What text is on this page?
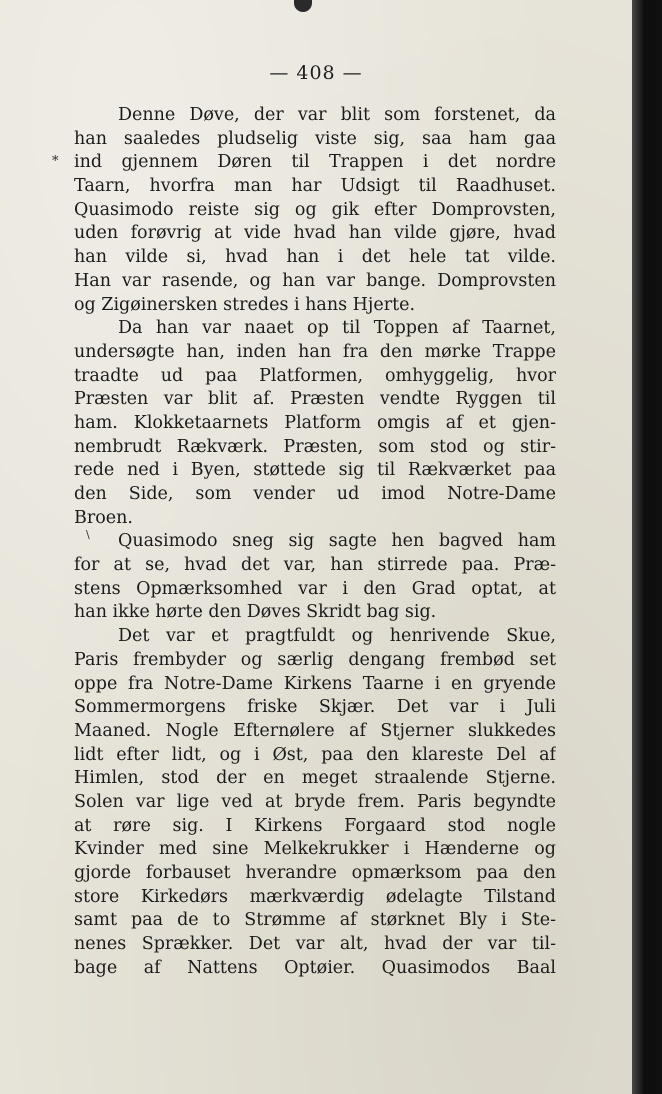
— 408 —
*
\
Denne Døve, der var blit som forstenet, da
han saaledes pludselig viste sig, saa ham gaa
ind gjennem Døren til Trappen i det nordre
Taarn, hvorfra man har Udsigt til Raadhuset.
Quasimodo reiste sig og gik efter Domprovsten,
uden forøvrig at vide hvad han vilde gjøre, hvad
han vilde si, hvad han i det hele tat vilde.
Han var rasende, og han var bange. Domprovsten
og Zigøinersken stredes i hans Hjerte.
Da han var naaet op til Toppen af Taarnet,
undersøgte han, inden han fra den mørke Trappe
traadte ud paa Platformen, omhyggelig, hvor
Præsten var blit af. Præsten vendte Ryggen til
ham. Klokketaarnets Platform omgis af et gjen-
nembrudt Rækværk. Præsten, som stod og stir-
rede ned i Byen, støttede sig til Rækværket paa
den Side, som vender ud imod Notre-Dame
Broen.
Quasimodo sneg sig sagte hen bagved ham
for at se, hvad det var, han stirrede paa. Præ-
stens Opmærksomhed var i den Grad optat, at
han ikke hørte den Døves Skridt bag sig.
Det var et pragtfuldt og henrivende Skue,
Paris frembyder og særlig dengang frembød set
oppe fra Notre-Dame Kirkens Taarne i en gryende
Sommermorgens friske Skjær. Det var i Juli
Maaned. Nogle Efternølere af Stjerner slukkedes
lidt efter lidt, og i Øst, paa den klareste Del af
Himlen, stod der en meget straalende Stjerne.
Solen var lige ved at bryde frem. Paris begyndte
at røre sig. I Kirkens Forgaard stod nogle
Kvinder med sine Melkekrukker i Hænderne og
gjorde forbauset hverandre opmærksom paa den
store Kirkedørs mærkværdig ødelagte Tilstand
samt paa de to Strømme af størknet Bly i Ste-
nenes Sprækker. Det var alt, hvad der var til-
bage af Nattens Optøier. Quasimodos Baal
